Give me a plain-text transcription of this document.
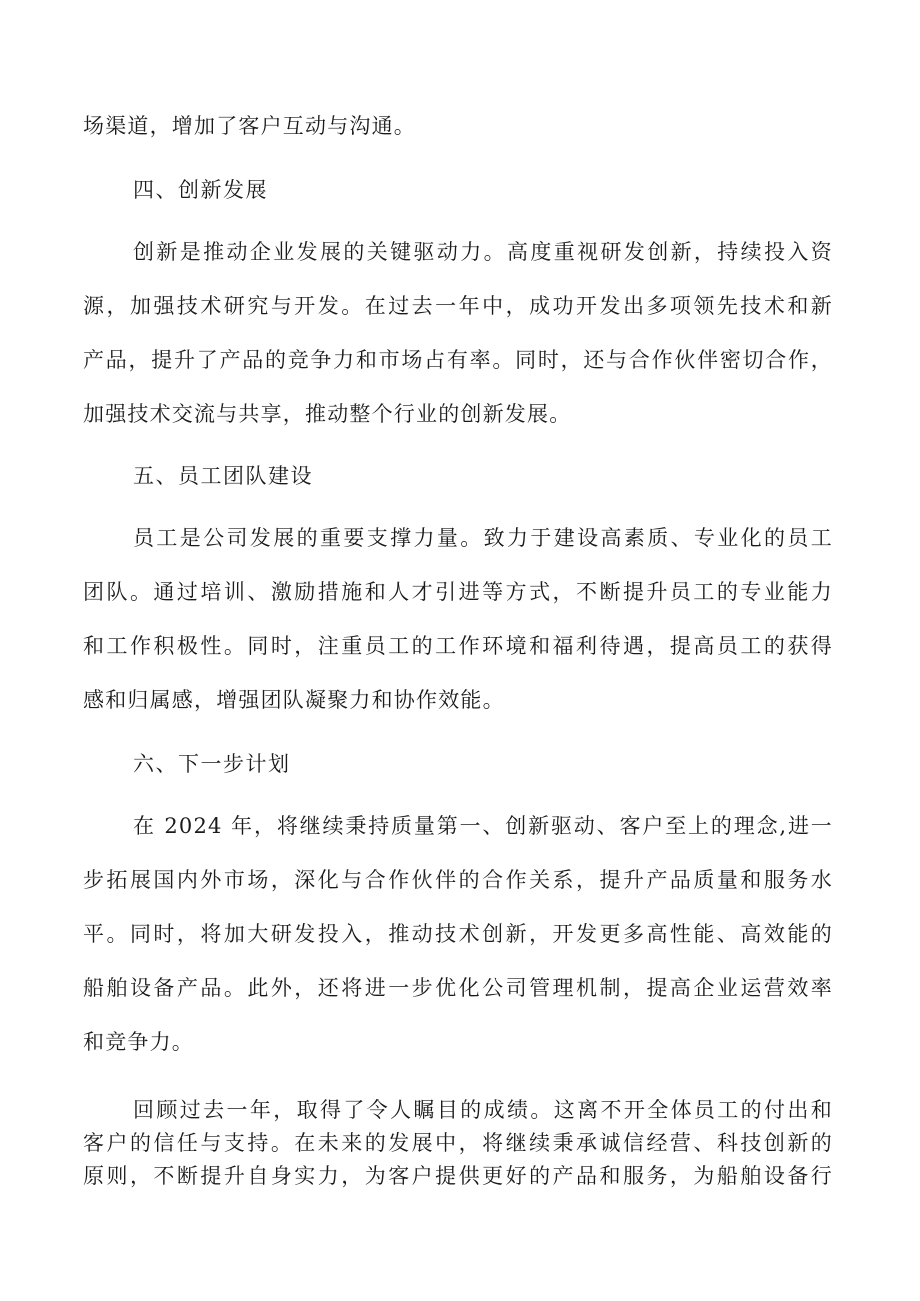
场渠道，增加了客户互动与沟通。
四、创新发展
创新是推动企业发展的关键驱动力。高度重视研发创新，持续投入资
源，加强技术研究与开发。在过去一年中，成功开发出多项领先技术和新
产品，提升了产品的竞争力和市场占有率。同时，还与合作伙伴密切合作，
加强技术交流与共享，推动整个行业的创新发展。
五、员工团队建设
员工是公司发展的重要支撑力量。致力于建设高素质、专业化的员工
团队。通过培训、激励措施和人才引进等方式，不断提升员工的专业能力
和工作积极性。同时，注重员工的工作环境和福利待遇，提高员工的获得
感和归属感，增强团队凝聚力和协作效能。
六、下一步计划
在 2024 年，将继续秉持质量第一、创新驱动、客户至上的理念,进一
步拓展国内外市场，深化与合作伙伴的合作关系，提升产品质量和服务水
平。同时，将加大研发投入，推动技术创新，开发更多高性能、高效能的
船舶设备产品。此外，还将进一步优化公司管理机制，提高企业运营效率
和竞争力。
回顾过去一年，取得了令人瞩目的成绩。这离不开全体员工的付出和
客户的信任与支持。在未来的发展中，将继续秉承诚信经营、科技创新的
原则，不断提升自身实力，为客户提供更好的产品和服务，为船舶设备行
